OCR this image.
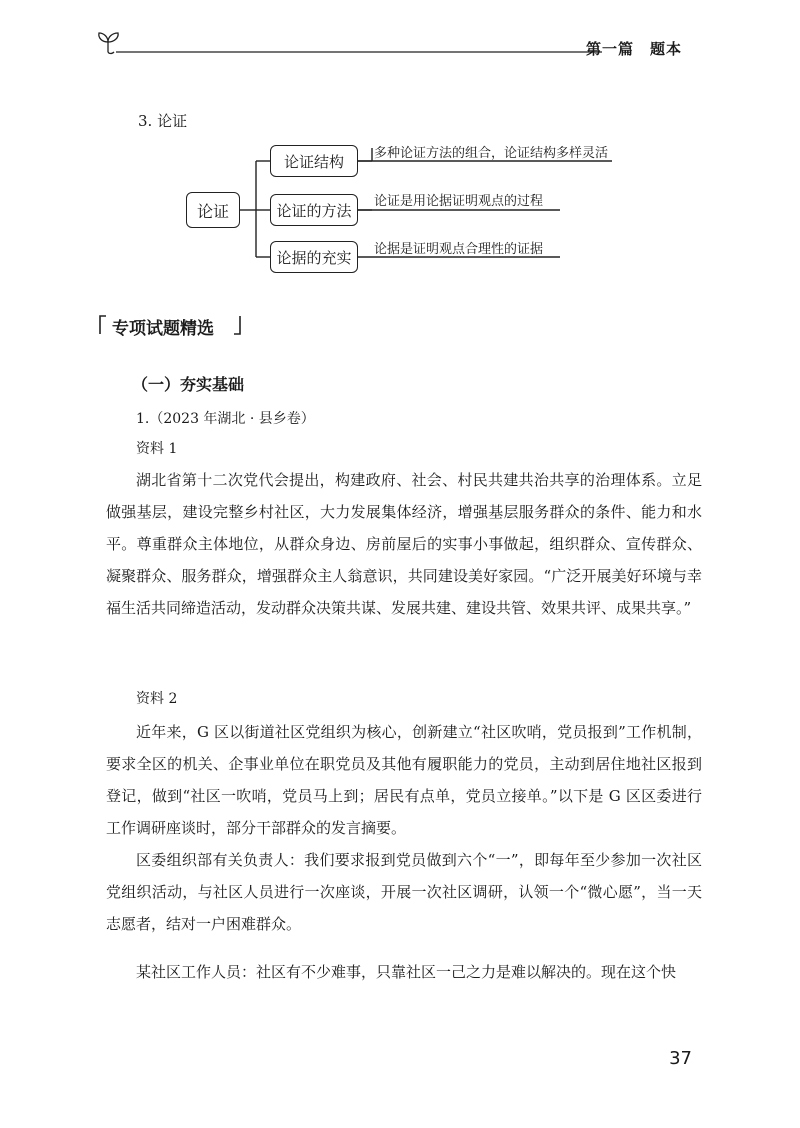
第一篇　题本
3. 论证
论证
论证结构
论证的方法
论据的充实
多种论证方法的组合，论证结构多样灵活
论证是用论据证明观点的过程
论据是证明观点合理性的证据
专项试题精选
（一）夯实基础
1.（2023 年湖北 · 县乡卷）
资料 1

湖北省第十二次党代会提出，构建政府、社会、村民共建共治共享的治理体系。立足做强基层，建设完整乡村社区，大力发展集体经济，增强基层服务群众的条件、能力和水平。尊重群众主体地位，从群众身边、房前屋后的实事小事做起，组织群众、宣传群众、凝聚群众、服务群众，增强群众主人翁意识，共同建设美好家园。“广泛开展美好环境与幸福生活共同缔造活动，发动群众决策共谋、发展共建、建设共管、效果共评、成果共享。”

资料 2

近年来，G 区以街道社区党组织为核心，创新建立“社区吹哨，党员报到”工作机制，要求全区的机关、企事业单位在职党员及其他有履职能力的党员，主动到居住地社区报到登记，做到“社区一吹哨，党员马上到；居民有点单，党员立接单。”以下是 G 区区委进行工作调研座谈时，部分干部群众的发言摘要。

区委组织部有关负责人：我们要求报到党员做到六个“一”，即每年至少参加一次社区党组织活动，与社区人员进行一次座谈，开展一次社区调研，认领一个“微心愿”，当一天志愿者，结对一户困难群众。

某社区工作人员：社区有不少难事，只靠社区一己之力是难以解决的。现在这个快

37
